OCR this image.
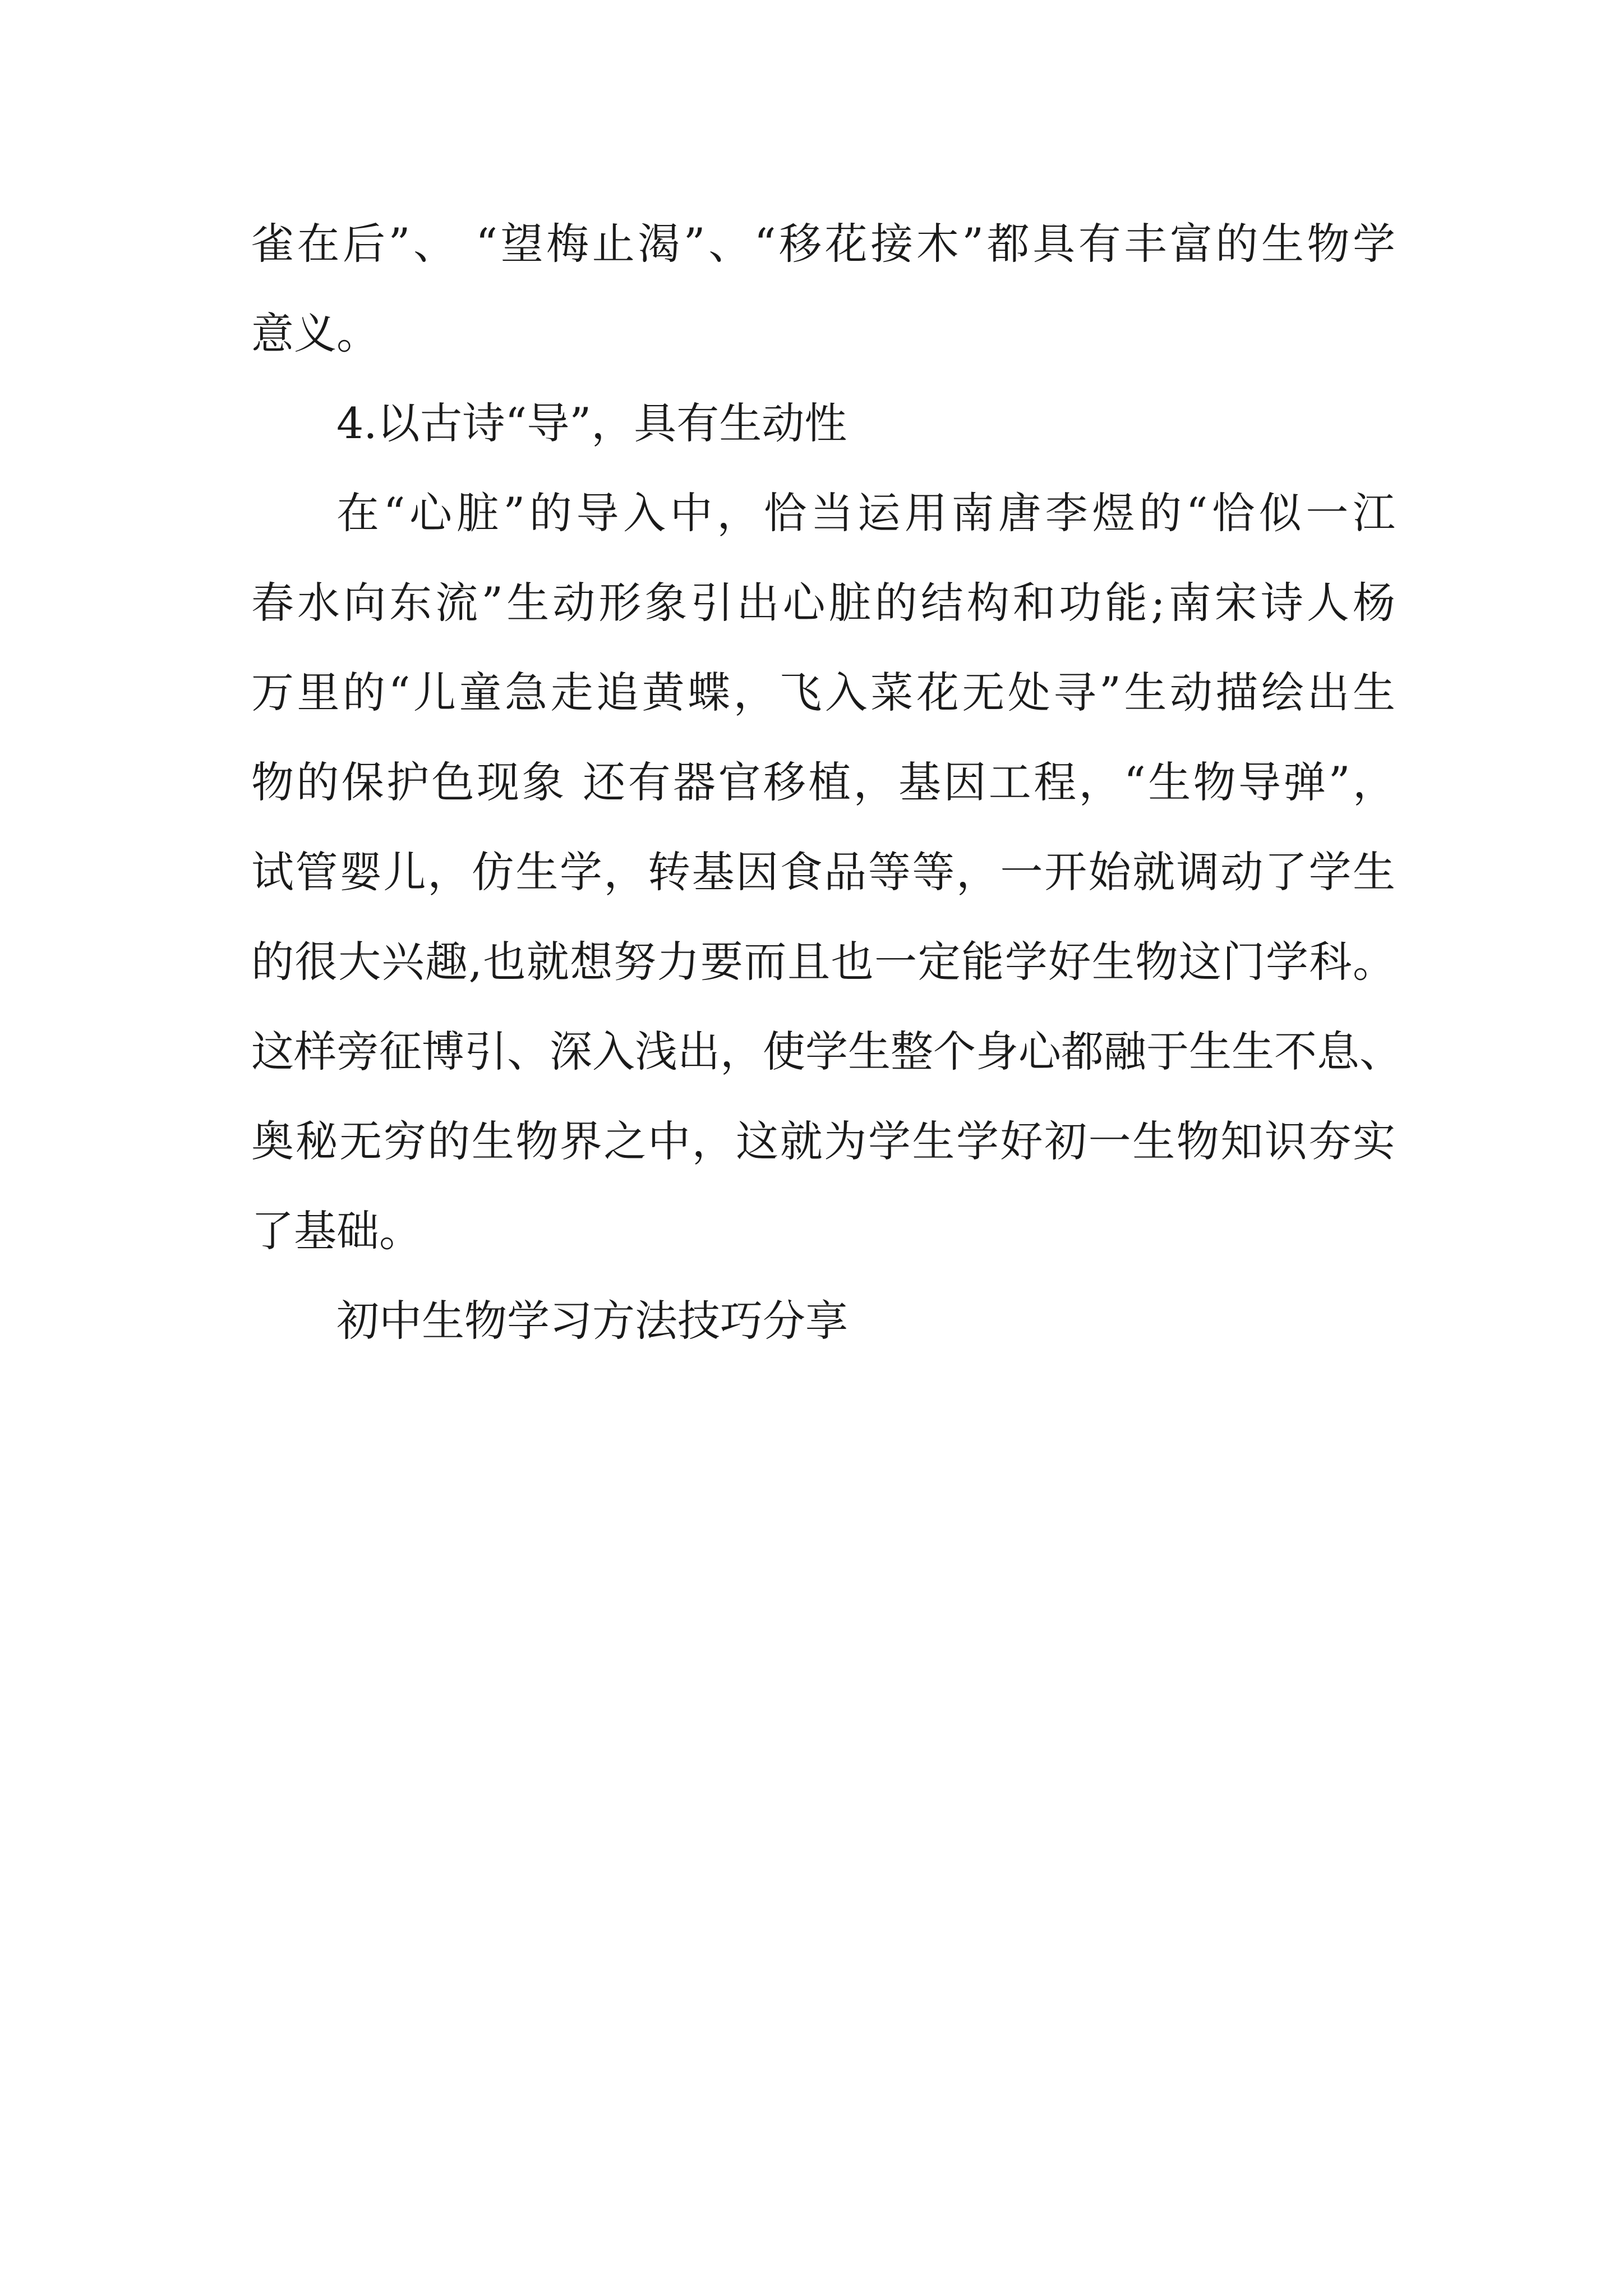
雀在后”、 “望梅止渴”、“移花接木”都具有丰富的生物学
意义。
4.以古诗“导”，具有生动性
在“心脏”的导入中，恰当运用南唐李煜的“恰似一江
春水向东流”生动形象引出心脏的结构和功能;南宋诗人杨
万里的“儿童急走追黄蝶，飞入菜花无处寻”生动描绘出生
物的保护色现象 还有器官移植，基因工程，“生物导弹”，
试管婴儿，仿生学，转基因食品等等，一开始就调动了学生
的很大兴趣,也就想努力要而且也一定能学好生物这门学科。
这样旁征博引、深入浅出，使学生整个身心都融于生生不息、
奥秘无穷的生物界之中，这就为学生学好初一生物知识夯实
了基础。
初中生物学习方法技巧分享
